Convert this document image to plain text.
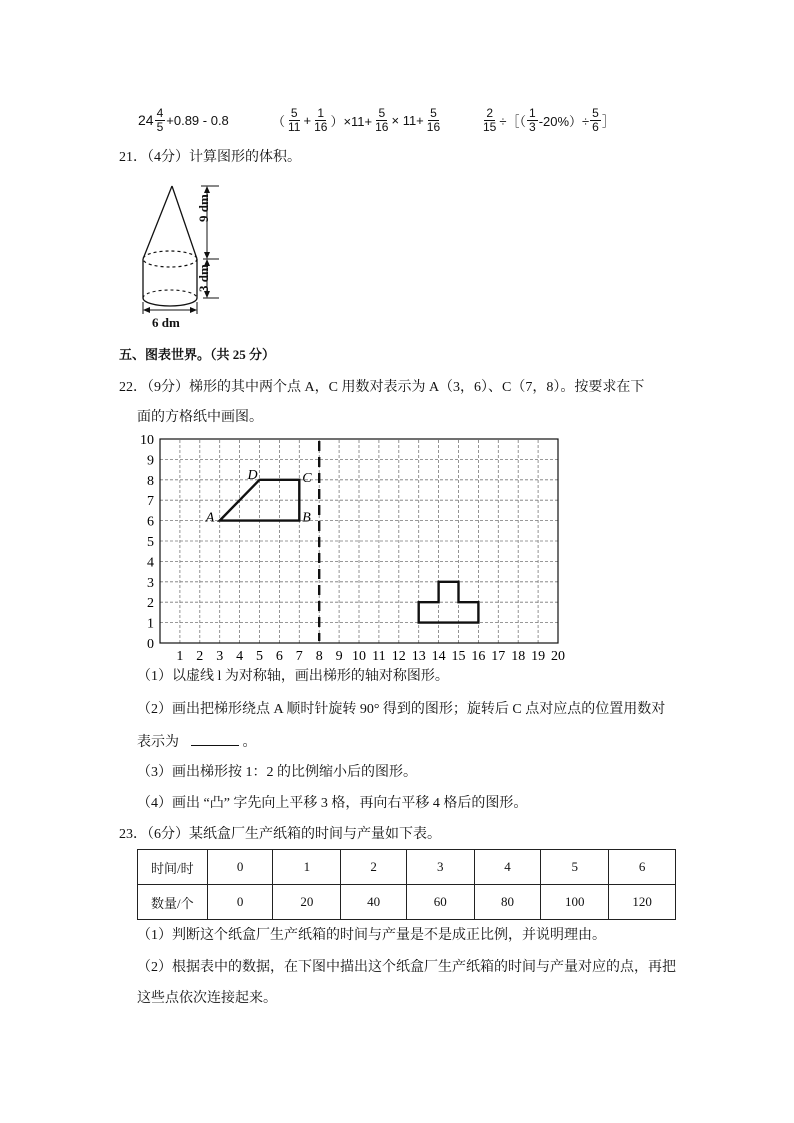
$24 \frac{4}{5} +0.89 - 0.8$	（ $\frac{5}{11} + \frac{1}{16} )\times 11+ \frac{5}{16} \times 11+ \frac{5}{16}$	$\frac{2}{15}$ ÷［（ $\frac{1}{3} -20\%)\div \frac{5}{6}$ ］
21．（4分）计算图形的体积。
9 dm
3 dm
6 dm
五、图表世界。（共 25 分）
22．（9分）梯形的其中两个点 A，C 用数对表示为 A（3，6）、C（7，8）。按要求在下
面的方格纸中画图。
1 2 3 4 5 6 7 8 9 10 11 12 13 14 15 16 17 18 19 20
0
1
2
3
4
5
6
7
8
9
10
A	B
C
D
（1）以虚线 l 为对称轴，画出梯形的轴对称图形。
（2）画出把梯形绕点 A 顺时针旋转 90° 得到的图形；旋转后 C 点对应点的位置用数对
表示为	。
（3）画出梯形按 1：2 的比例缩小后的图形。
（4）画出 “凸” 字先向上平移 3 格，再向右平移 4 格后的图形。
23．（6分）某纸盒厂生产纸箱的时间与产量如下表。
时间/时	0	1	2	3	4	5	6
数量/个	0	20	40	60	80	100	120
（1）判断这个纸盒厂生产纸箱的时间与产量是不是成正比例，并说明理由。
（2）根据表中的数据，在下图中描出这个纸盒厂生产纸箱的时间与产量对应的点，再把
这些点依次连接起来。
